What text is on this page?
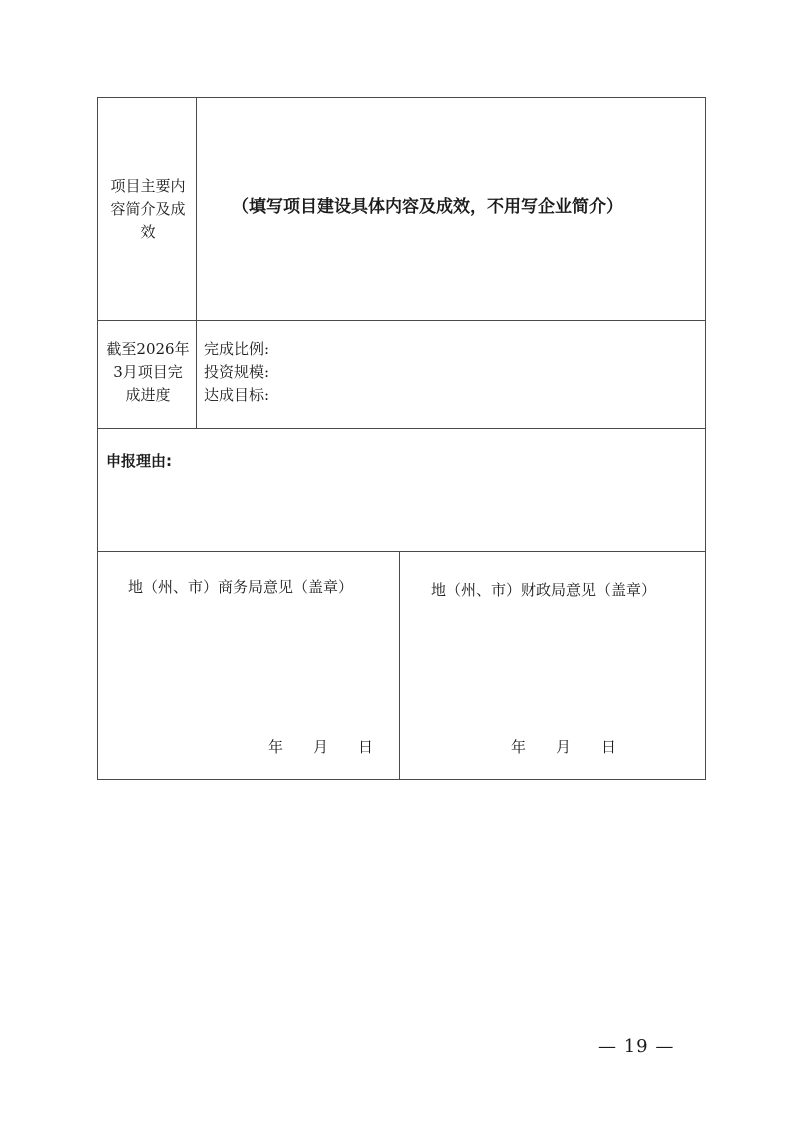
项目主要内
容简介及成
效
（填写项目建设具体内容及成效，不用写企业简介）
截至2026年
3月项目完
成进度
完成比例:
投资规模:
达成目标:
申报理由:
地（州、市）商务局意见（盖章）
年　　月　　日
地（州、市）财政局意见（盖章）
年　　月　　日
— 19 —
